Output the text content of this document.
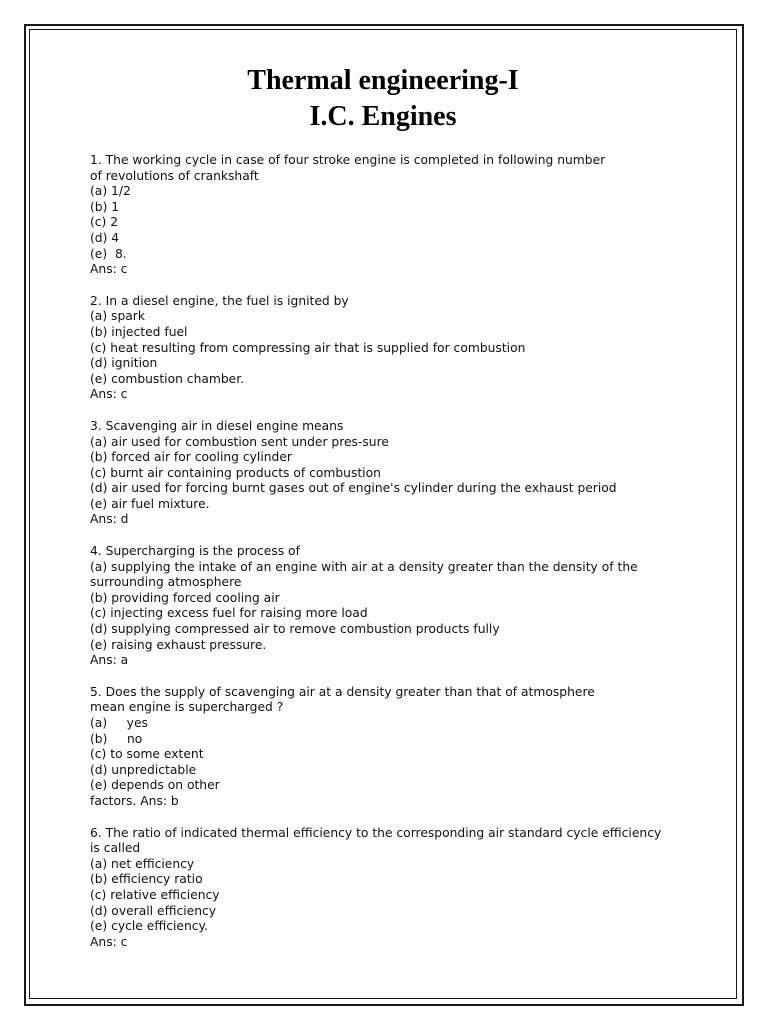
Thermal engineering-I
I.C. Engines
1. The working cycle in case of four stroke engine is completed in following number
of revolutions of crankshaft
(a) 1/2
(b) 1
(c) 2
(d) 4
(e)  8.
Ans: c
2. In a diesel engine, the fuel is ignited by
(a) spark
(b) injected fuel
(c) heat resulting from compressing air that is supplied for combustion
(d) ignition
(e) combustion chamber.
Ans: c
3. Scavenging air in diesel engine means
(a) air used for combustion sent under pres-sure
(b) forced air for cooling cylinder
(c) burnt air containing products of combustion
(d) air used for forcing burnt gases out of engine's cylinder during the exhaust period
(e) air fuel mixture.
Ans: d
4. Supercharging is the process of
(a) supplying the intake of an engine with air at a density greater than the density of the
surrounding atmosphere
(b) providing forced cooling air
(c) injecting excess fuel for raising more load
(d) supplying compressed air to remove combustion products fully
(e) raising exhaust pressure.
Ans: a
5. Does the supply of scavenging air at a density greater than that of atmosphere
mean engine is supercharged ?
(a)     yes
(b)     no
(c) to some extent
(d) unpredictable
(e) depends on other
factors. Ans: b
6. The ratio of indicated thermal efficiency to the corresponding air standard cycle efficiency
is called
(a) net efficiency
(b) efficiency ratio
(c) relative efficiency
(d) overall efficiency
(e) cycle efficiency.
Ans: c
